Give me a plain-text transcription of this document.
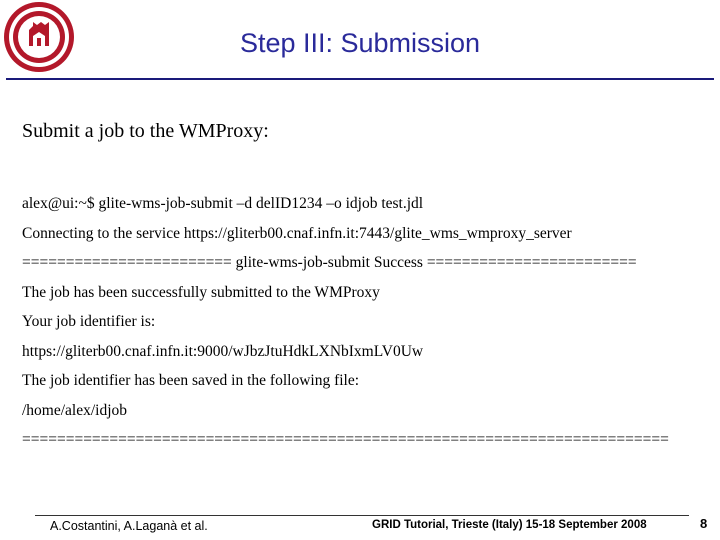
Step III: Submission
Submit a job to the WMProxy:
alex@ui:~$ glite-wms-job-submit –d delID1234 –o idjob test.jdl
Connecting to the service https://gliterb00.cnaf.infn.it:7443/glite_wms_wmproxy_server
======================== glite-wms-job-submit Success ========================
The job has been successfully submitted to the WMProxy
Your job identifier is:
https://gliterb00.cnaf.infn.it:9000/wJbzJtuHdkLXNbIxmLV0Uw
The job identifier has been saved in the following file:
/home/alex/idjob
==========================================================================
A.Costantini, A.Laganà et al.	GRID Tutorial, Trieste (Italy) 15-18 September 2008	8
